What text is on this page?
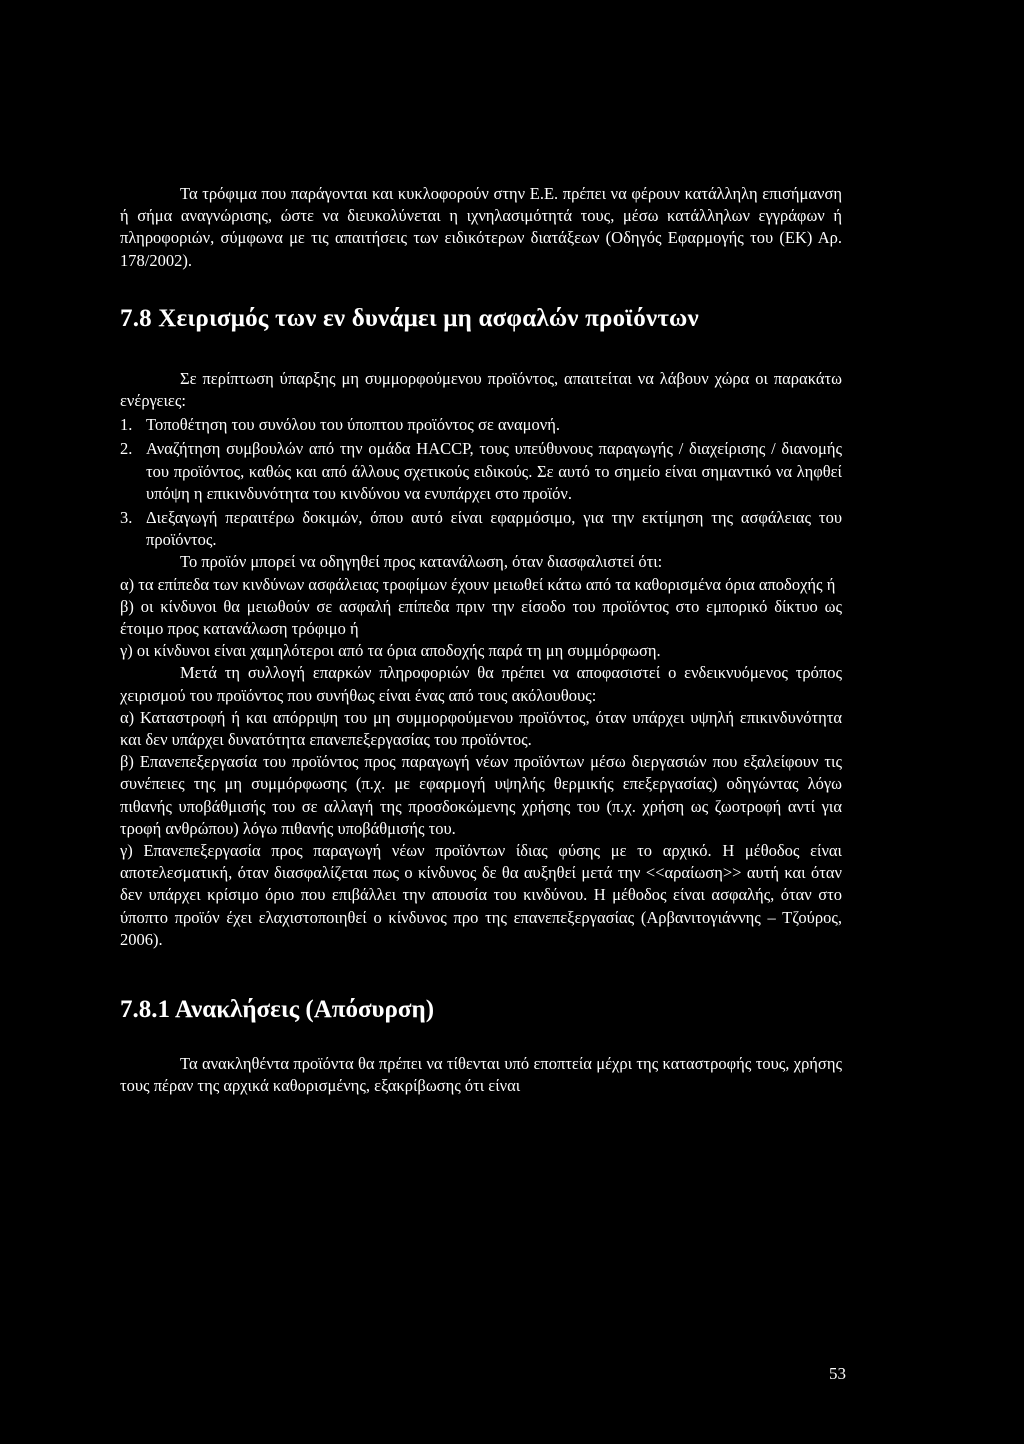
Τα τρόφιμα που παράγονται και κυκλοφορούν στην Ε.Ε. πρέπει να φέρουν κατάλληλη επισήμανση ή σήμα αναγνώρισης, ώστε να διευκολύνεται η ιχνηλασιμότητά τους, μέσω κατάλληλων εγγράφων ή πληροφοριών, σύμφωνα με τις απαιτήσεις των ειδικότερων διατάξεων (Οδηγός Εφαρμογής του (ΕΚ) Αρ. 178/2002).

7.8 Χειρισμός των εν δυνάμει μη ασφαλών προϊόντων

Σε περίπτωση ύπαρξης μη συμμορφούμενου προϊόντος, απαιτείται να λάβουν χώρα οι παρακάτω ενέργειες:

1. Τοποθέτηση του συνόλου του ύποπτου προϊόντος σε αναμονή.
2. Αναζήτηση συμβουλών από την ομάδα HACCP, τους υπεύθυνους παραγωγής / διαχείρισης / διανομής του προϊόντος, καθώς και από άλλους σχετικούς ειδικούς. Σε αυτό το σημείο είναι σημαντικό να ληφθεί υπόψη η επικινδυνότητα του κινδύνου να ενυπάρχει στο προϊόν.
3. Διεξαγωγή περαιτέρω δοκιμών, όπου αυτό είναι εφαρμόσιμο, για την εκτίμηση της ασφάλειας του προϊόντος.

Το προϊόν μπορεί να οδηγηθεί προς κατανάλωση, όταν διασφαλιστεί ότι:

α) τα επίπεδα των κινδύνων ασφάλειας τροφίμων έχουν μειωθεί κάτω από τα καθορισμένα όρια αποδοχής ή

β) οι κίνδυνοι θα μειωθούν σε ασφαλή επίπεδα πριν την είσοδο του προϊόντος στο εμπορικό δίκτυο ως έτοιμο προς κατανάλωση τρόφιμο ή

γ) οι κίνδυνοι είναι χαμηλότεροι από τα όρια αποδοχής παρά τη μη συμμόρφωση.

Μετά τη συλλογή επαρκών πληροφοριών θα πρέπει να αποφασιστεί ο ενδεικνυόμενος τρόπος χειρισμού του προϊόντος που συνήθως είναι ένας από τους ακόλουθους:

α) Καταστροφή ή και απόρριψη του μη συμμορφούμενου προϊόντος, όταν υπάρχει υψηλή επικινδυνότητα και δεν υπάρχει δυνατότητα επανεπεξεργασίας του προϊόντος.

β) Επανεπεξεργασία του προϊόντος προς παραγωγή νέων προϊόντων μέσω διεργασιών που εξαλείφουν τις συνέπειες της μη συμμόρφωσης (π.χ. με εφαρμογή υψηλής θερμικής επεξεργασίας) οδηγώντας λόγω πιθανής υποβάθμισής του σε αλλαγή της προσδοκώμενης χρήσης του (π.χ. χρήση ως ζωοτροφή αντί για τροφή ανθρώπου) λόγω πιθανής υποβάθμισής του.

γ) Επανεπεξεργασία προς παραγωγή νέων προϊόντων ίδιας φύσης με το αρχικό. Η μέθοδος είναι αποτελεσματική, όταν διασφαλίζεται πως ο κίνδυνος δε θα αυξηθεί μετά την <<αραίωση>> αυτή και όταν δεν υπάρχει κρίσιμο όριο που επιβάλλει την απουσία του κινδύνου. Η μέθοδος είναι ασφαλής, όταν στο ύποπτο προϊόν έχει ελαχιστοποιηθεί ο κίνδυνος προ της επανεπεξεργασίας (Αρβανιτογιάννης – Τζούρος, 2006).

7.8.1 Ανακλήσεις (Απόσυρση)

Τα ανακληθέντα προϊόντα θα πρέπει να τίθενται υπό εποπτεία μέχρι της καταστροφής τους, χρήσης τους πέραν της αρχικά καθορισμένης, εξακρίβωσης ότι είναι

53
